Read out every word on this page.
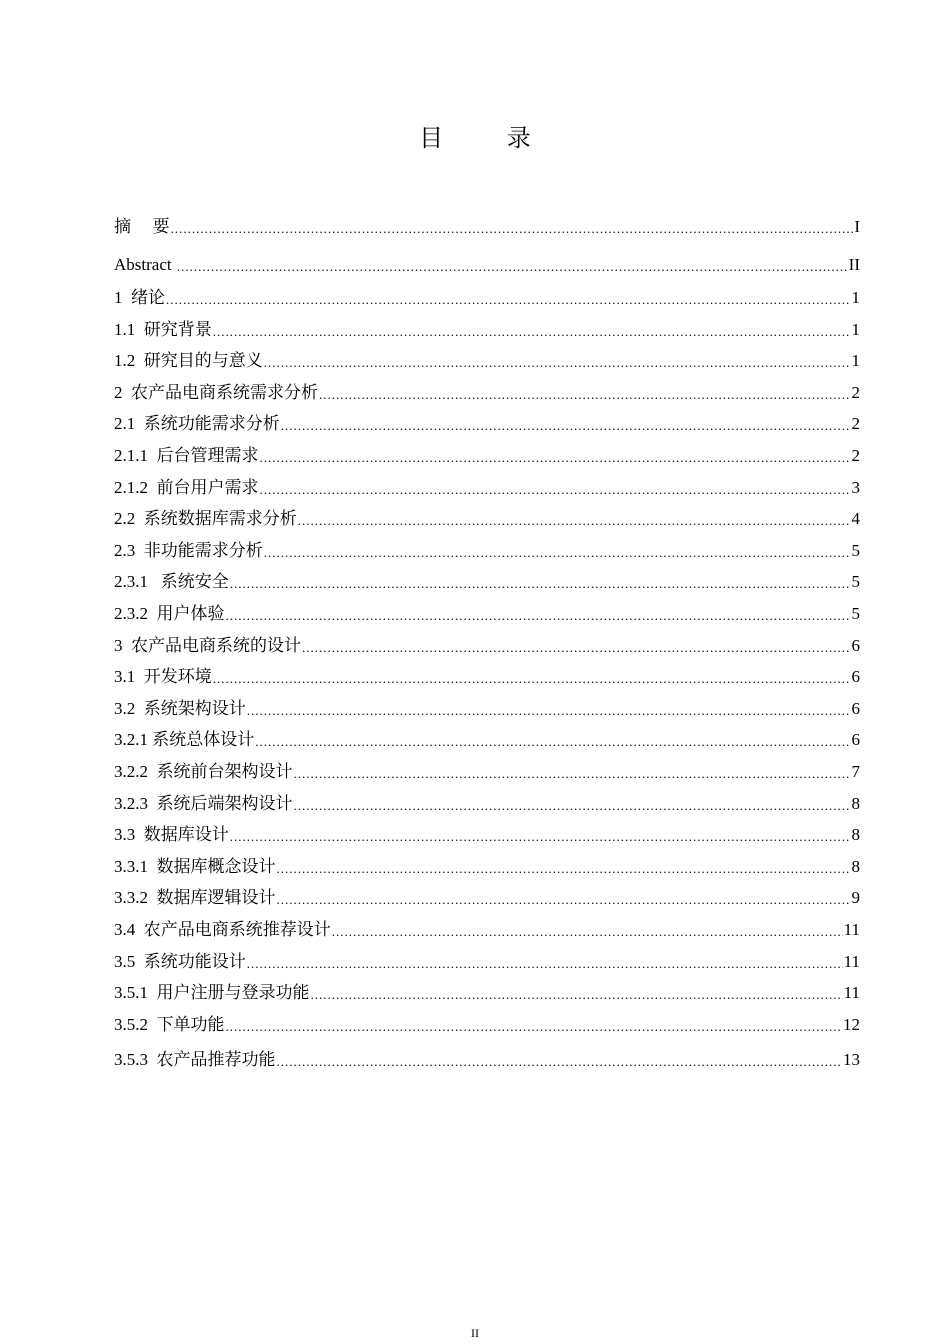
目 录
摘    要 .....	I
Abstract .....	II
1  绪论 .....	1
1.1  研究背景 .....	1
1.2  研究目的与意义 .....	1
2  农产品电商系统需求分析 .....	2
2.1  系统功能需求分析 .....	2
2.1.1  后台管理需求 .....	2
2.1.2  前台用户需求 .....	3
2.2  系统数据库需求分析 .....	4
2.3  非功能需求分析 .....	5
2.3.1   系统安全 .....	5
2.3.2  用户体验 .....	5
3  农产品电商系统的设计 .....	6
3.1  开发环境 .....	6
3.2  系统架构设计 .....	6
3.2.1 系统总体设计 .....	6
3.2.2  系统前台架构设计 .....	7
3.2.3  系统后端架构设计 .....	8
3.3  数据库设计 .....	8
3.3.1  数据库概念设计 .....	8
3.3.2  数据库逻辑设计 .....	9
3.4  农产品电商系统推荐设计 .....	11
3.5  系统功能设计 .....	11
3.5.1  用户注册与登录功能 .....	11
3.5.2  下单功能 .....	12
3.5.3  农产品推荐功能 .....	13
II
